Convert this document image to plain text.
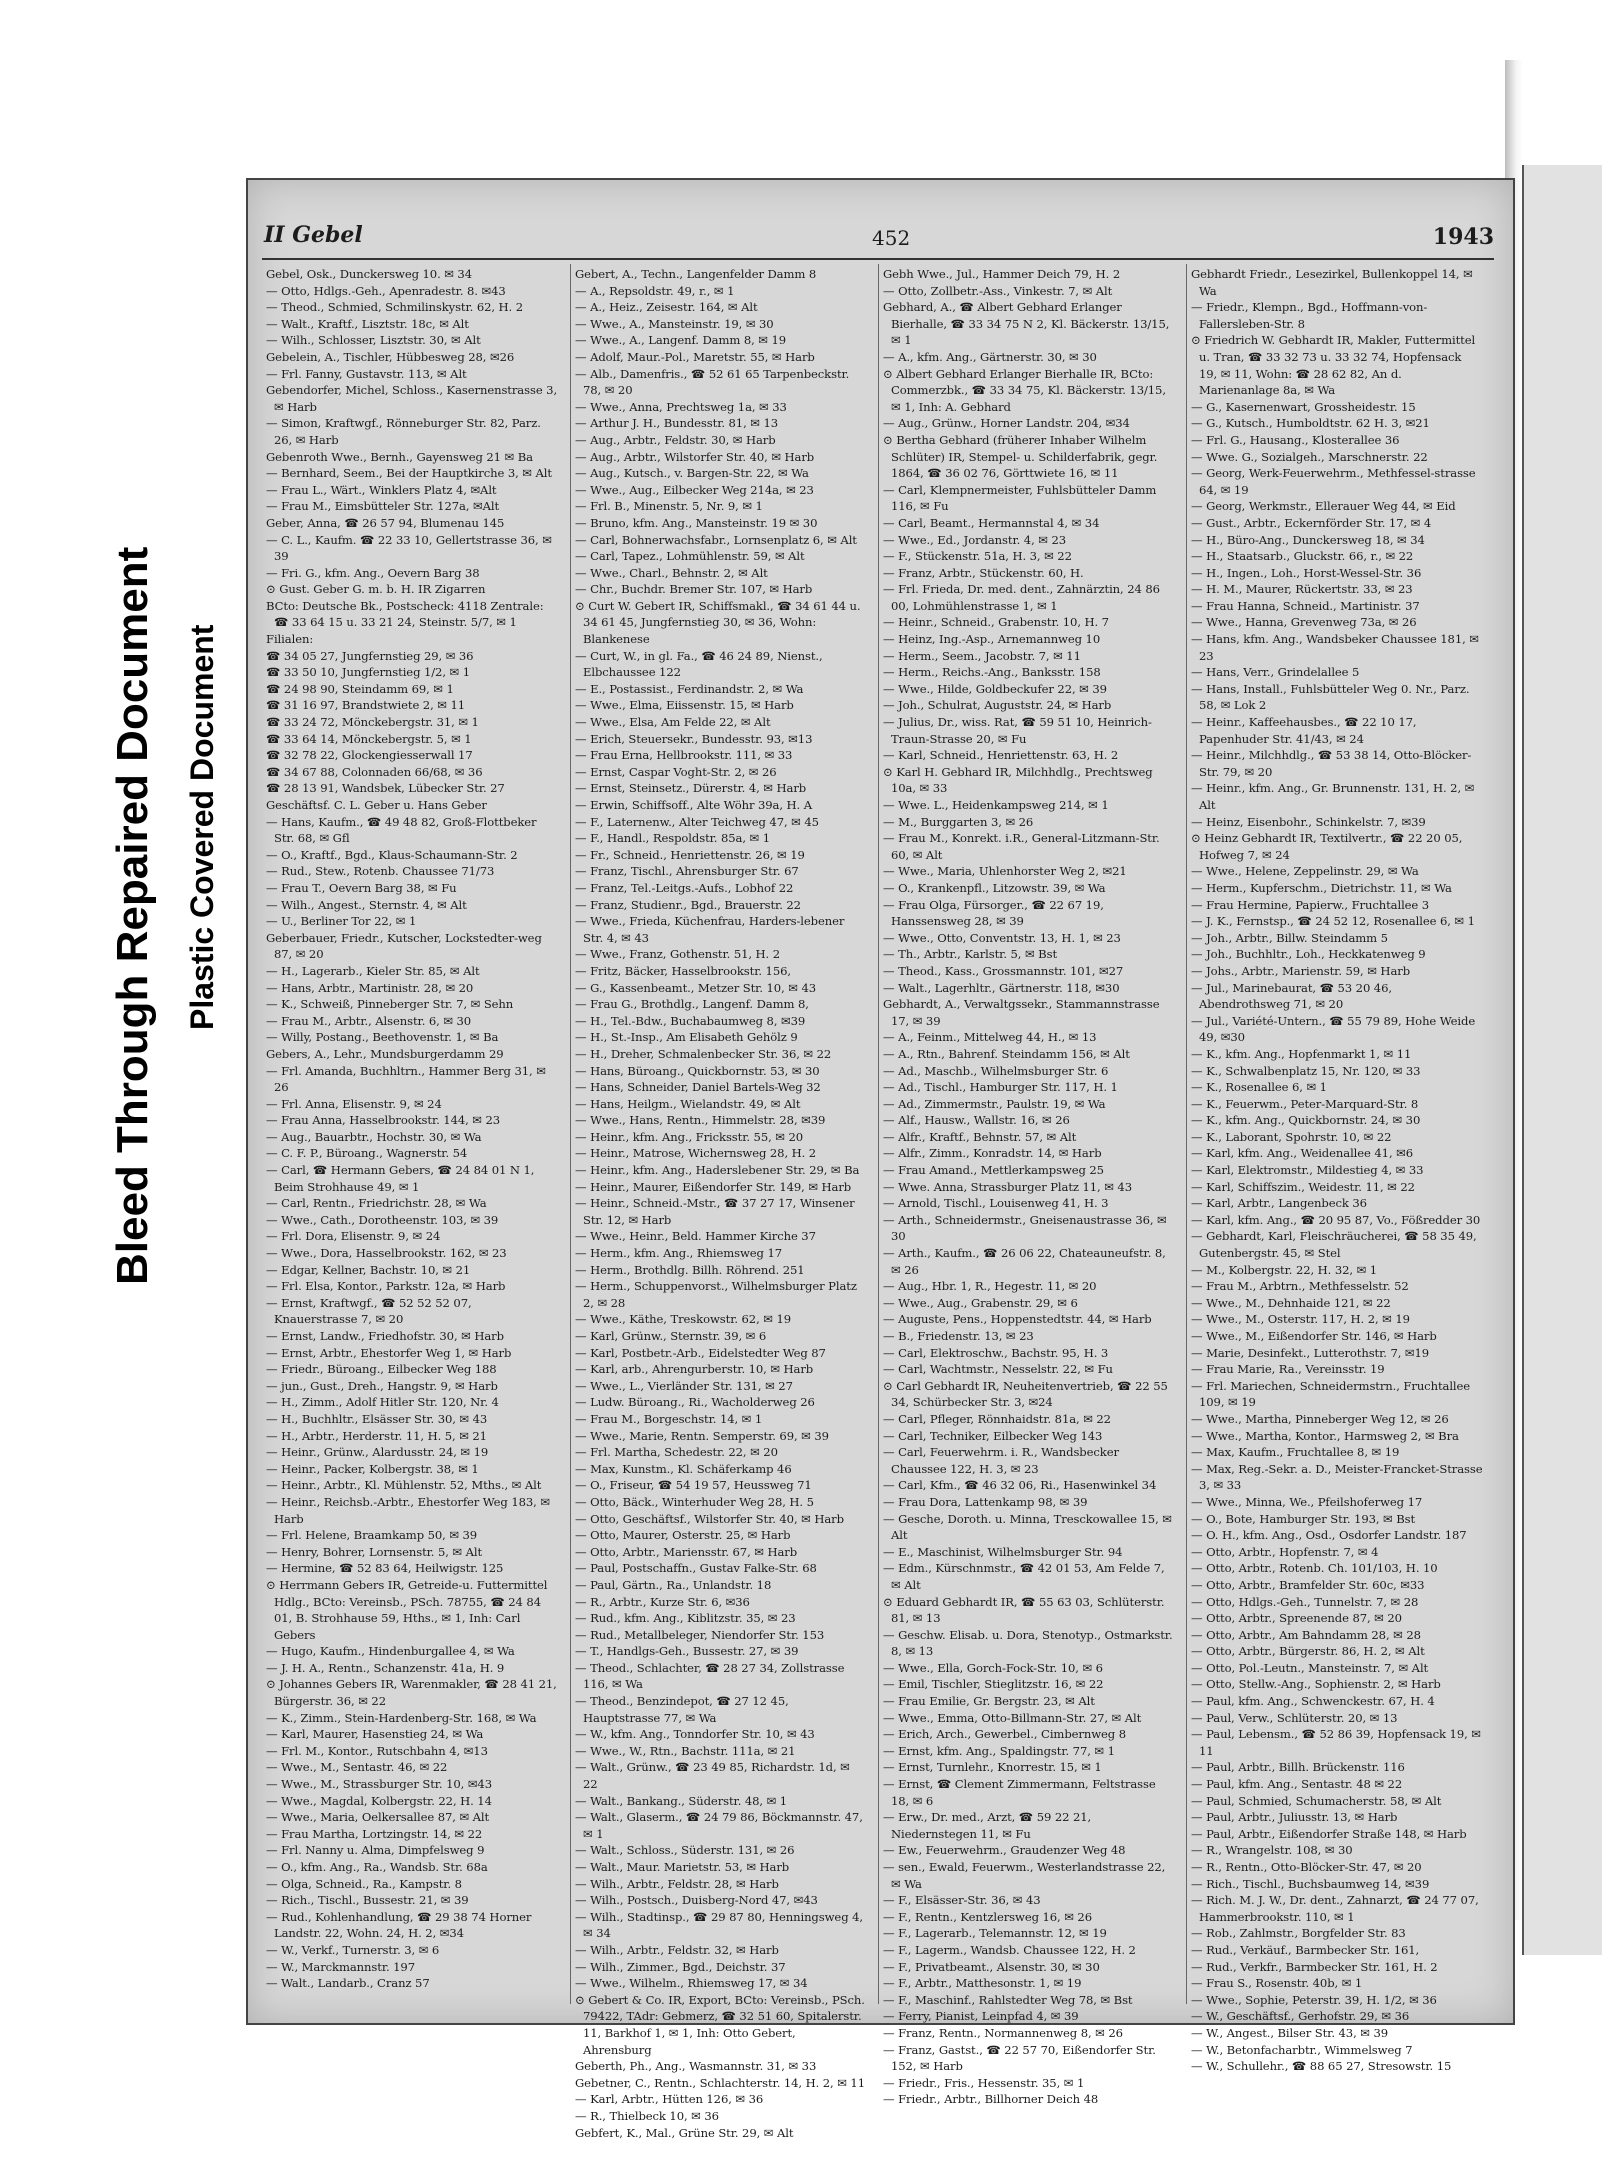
Bleed Through Repaired Document Plastic Covered Document
II Gebel	452	1943
Gebel, Osk., Dunckersweg 10. ✉ 34
— Otto, Hdlgs.-Geh., Apenradestr. 8. ✉43
— Theod., Schmied, Schmilinskystr. 62, H. 2
— Walt., Kraftf., Lisztstr. 18c, ✉ Alt
— Wilh., Schlosser, Lisztstr. 30, ✉ Alt
Gebelein, A., Tischler, Hübbesweg 28, ✉26
— Frl. Fanny, Gustavstr. 113, ✉ Alt
Gebendorfer, Michel, Schloss., Kasernenstrasse 3, ✉ Harb
— Simon, Kraftwgf., Rönneburger Str. 82, Parz. 26, ✉ Harb
Gebenroth Wwe., Bernh., Gayensweg 21 ✉ Ba
— Bernhard, Seem., Bei der Hauptkirche 3, ✉ Alt
— Frau L., Wärt., Winklers Platz 4, ✉Alt
— Frau M., Eimsbütteler Str. 127a, ✉Alt
Geber, Anna, ☎ 26 57 94, Blumenau 145
— C. L., Kaufm. ☎ 22 33 10, Gellertstrasse 36, ✉ 39
— Fri. G., kfm. Ang., Oevern Barg 38
⊙ Gust. Geber G. m. b. H. IR Zigarren
BCto: Deutsche Bk., Postscheck: 4118 Zentrale: ☎ 33 64 15 u. 33 21 24, Steinstr. 5/7, ✉ 1
Filialen:
☎ 34 05 27, Jungfernstieg 29, ✉ 36
☎ 33 50 10, Jungfernstieg 1/2, ✉ 1
☎ 24 98 90, Steindamm 69, ✉ 1
☎ 31 16 97, Brandstwiete 2, ✉ 11
☎ 33 24 72, Mönckebergstr. 31, ✉ 1
☎ 33 64 14, Mönckebergstr. 5, ✉ 1
☎ 32 78 22, Glockengiesserwall 17
☎ 34 67 88, Colonnaden 66/68, ✉ 36
☎ 28 13 91, Wandsbek, Lübecker Str. 27
Geschäftsf. C. L. Geber u. Hans Geber
— Hans, Kaufm., ☎ 49 48 82, Groß-Flottbeker Str. 68, ✉ Gfl
— O., Kraftf., Bgd., Klaus-Schaumann-Str. 2
— Rud., Stew., Rotenb. Chaussee 71/73
— Frau T., Oevern Barg 38, ✉ Fu
— Wilh., Angest., Sternstr. 4, ✉ Alt
— U., Berliner Tor 22, ✉ 1
Geberbauer, Friedr., Kutscher, Lockstedter-weg 87, ✉ 20
— H., Lagerarb., Kieler Str. 85, ✉ Alt
— Hans, Arbtr., Martinistr. 28, ✉ 20
— K., Schweiß, Pinneberger Str. 7, ✉ Sehn
— Frau M., Arbtr., Alsenstr. 6, ✉ 30
— Willy, Postang., Beethovenstr. 1, ✉ Ba
Gebers, A., Lehr., Mundsburgerdamm 29
— Frl. Amanda, Buchhltrn., Hammer Berg 31, ✉ 26
— Frl. Anna, Elisenstr. 9, ✉ 24
— Frau Anna, Hasselbrookstr. 144, ✉ 23
— Aug., Bauarbtr., Hochstr. 30, ✉ Wa
— C. F. P., Büroang., Wagnerstr. 54
— Carl, ☎ Hermann Gebers, ☎ 24 84 01 N 1, Beim Strohhause 49, ✉ 1
— Carl, Rentn., Friedrichstr. 28, ✉ Wa
— Wwe., Cath., Dorotheenstr. 103, ✉ 39
— Frl. Dora, Elisenstr. 9, ✉ 24
— Wwe., Dora, Hasselbrookstr. 162, ✉ 23
— Edgar, Kellner, Bachstr. 10, ✉ 21
— Frl. Elsa, Kontor., Parkstr. 12a, ✉ Harb
— Ernst, Kraftwgf., ☎ 52 52 52 07, Knauerstrasse 7, ✉ 20
— Ernst, Landw., Friedhofstr. 30, ✉ Harb
— Ernst, Arbtr., Ehestorfer Weg 1, ✉ Harb
— Friedr., Büroang., Eilbecker Weg 188
— jun., Gust., Dreh., Hangstr. 9, ✉ Harb
— H., Zimm., Adolf Hitler Str. 120, Nr. 4
— H., Buchhltr., Elsässer Str. 30, ✉ 43
— H., Arbtr., Herderstr. 11, H. 5, ✉ 21
— Heinr., Grünw., Alardusstr. 24, ✉ 19
— Heinr., Packer, Kolbergstr. 38, ✉ 1
— Heinr., Arbtr., Kl. Mühlenstr. 52, Mths., ✉ Alt
— Heinr., Reichsb.-Arbtr., Ehestorfer Weg 183, ✉ Harb
— Frl. Helene, Braamkamp 50, ✉ 39
— Henry, Bohrer, Lornsenstr. 5, ✉ Alt
— Hermine, ☎ 52 83 64, Heilwigstr. 125
⊙ Herrmann Gebers IR, Getreide-u. Futtermittel Hdlg., BCto: Vereinsb., PSch. 78755, ☎ 24 84 01, B. Strohhause 59, Hths., ✉ 1, Inh: Carl Gebers
— Hugo, Kaufm., Hindenburgallee 4, ✉ Wa
— J. H. A., Rentn., Schanzenstr. 41a, H. 9
⊙ Johannes Gebers IR, Warenmakler, ☎ 28 41 21, Bürgerstr. 36, ✉ 22
— K., Zimm., Stein-Hardenberg-Str. 168, ✉ Wa
— Karl, Maurer, Hasenstieg 24, ✉ Wa
— Frl. M., Kontor., Rutschbahn 4, ✉13
— Wwe., M., Sentastr. 46, ✉ 22
— Wwe., M., Strassburger Str. 10, ✉43
— Wwe., Magdal, Kolbergstr. 22, H. 14
— Wwe., Maria, Oelkersallee 87, ✉ Alt
— Frau Martha, Lortzingstr. 14, ✉ 22
— Frl. Nanny u. Alma, Dimpfelsweg 9
— O., kfm. Ang., Ra., Wandsb. Str. 68a
— Olga, Schneid., Ra., Kampstr. 8
— Rich., Tischl., Bussestr. 21, ✉ 39
— Rud., Kohlenhandlung, ☎ 29 38 74 Horner Landstr. 22, Wohn. 24, H. 2, ✉34
— W., Verkf., Turnerstr. 3, ✉ 6
— W., Marckmannstr. 197
— Walt., Landarb., Cranz 57
Gebert, A., Techn., Langenfelder Damm 8
— A., Repsoldstr. 49, r., ✉ 1
— A., Heiz., Zeisestr. 164, ✉ Alt
— Wwe., A., Mansteinstr. 19, ✉ 30
— Wwe., A., Langenf. Damm 8, ✉ 19
— Adolf, Maur.-Pol., Maretstr. 55, ✉ Harb
— Alb., Damenfris., ☎ 52 61 65 Tarpenbeckstr. 78, ✉ 20
— Wwe., Anna, Prechtsweg 1a, ✉ 33
— Arthur J. H., Bundesstr. 81, ✉ 13
— Aug., Arbtr., Feldstr. 30, ✉ Harb
— Aug., Arbtr., Wilstorfer Str. 40, ✉ Harb
— Aug., Kutsch., v. Bargen-Str. 22, ✉ Wa
— Wwe., Aug., Eilbecker Weg 214a, ✉ 23
— Frl. B., Minenstr. 5, Nr. 9, ✉ 1
— Bruno, kfm. Ang., Mansteinstr. 19 ✉ 30
— Carl, Bohnerwachsfabr., Lornsenplatz 6, ✉ Alt
— Carl, Tapez., Lohmühlenstr. 59, ✉ Alt
— Wwe., Charl., Behnstr. 2, ✉ Alt
— Chr., Buchdr. Bremer Str. 107, ✉ Harb
⊙ Curt W. Gebert IR, Schiffsmakl., ☎ 34 61 44 u. 34 61 45, Jungfernstieg 30, ✉ 36, Wohn: Blankenese
— Curt, W., in gl. Fa., ☎ 46 24 89, Nienst., Elbchaussee 122
— E., Postassist., Ferdinandstr. 2, ✉ Wa
— Wwe., Elma, Eiissenstr. 15, ✉ Harb
— Wwe., Elsa, Am Felde 22, ✉ Alt
— Erich, Steuersekr., Bundesstr. 93, ✉13
— Frau Erna, Hellbrookstr. 111, ✉ 33
— Ernst, Caspar Voght-Str. 2, ✉ 26
— Ernst, Steinsetz., Dürerstr. 4, ✉ Harb
— Erwin, Schiffsoff., Alte Wöhr 39a, H. A
— F., Laternenw., Alter Teichweg 47, ✉ 45
— F., Handl., Respoldstr. 85a, ✉ 1
— Fr., Schneid., Henriettenstr. 26, ✉ 19
— Franz, Tischl., Ahrensburger Str. 67
— Franz, Tel.-Leitgs.-Aufs., Lobhof 22
— Franz, Studienr., Bgd., Brauerstr. 22
— Wwe., Frieda, Küchenfrau, Harders-lebener Str. 4, ✉ 43
— Wwe., Franz, Gothenstr. 51, H. 2
— Fritz, Bäcker, Hasselbrookstr. 156,
— G., Kassenbeamt., Metzer Str. 10, ✉ 43
— Frau G., Brothdlg., Langenf. Damm 8,
— H., Tel.-Bdw., Buchabaumweg 8, ✉39
— H., St.-Insp., Am Elisabeth Gehölz 9
— H., Dreher, Schmalenbecker Str. 36, ✉ 22
— Hans, Büroang., Quickbornstr. 53, ✉ 30
— Hans, Schneider, Daniel Bartels-Weg 32
— Hans, Heilgm., Wielandstr. 49, ✉ Alt
— Wwe., Hans, Rentn., Himmelstr. 28, ✉39
— Heinr., kfm. Ang., Fricksstr. 55, ✉ 20
— Heinr., Matrose, Wichernsweg 28, H. 2
— Heinr., kfm. Ang., Haderslebener Str. 29, ✉ Ba
— Heinr., Maurer, Eißendorfer Str. 149, ✉ Harb
— Heinr., Schneid.-Mstr., ☎ 37 27 17, Winsener Str. 12, ✉ Harb
— Wwe., Heinr., Beld. Hammer Kirche 37
— Herm., kfm. Ang., Rhiemsweg 17
— Herm., Brothdlg. Billh. Röhrend. 251
— Herm., Schuppenvorst., Wilhelmsburger Platz 2, ✉ 28
— Wwe., Käthe, Treskowstr. 62, ✉ 19
— Karl, Grünw., Sternstr. 39, ✉ 6
— Karl, Postbetr.-Arb., Eidelstedter Weg 87
— Karl, arb., Ahrengurberstr. 10, ✉ Harb
— Wwe., L., Vierländer Str. 131, ✉ 27
— Ludw. Büroang., Ri., Wacholderweg 26
— Frau M., Borgeschstr. 14, ✉ 1
— Wwe., Marie, Rentn. Semperstr. 69, ✉ 39
— Frl. Martha, Schedestr. 22, ✉ 20
— Max, Kunstm., Kl. Schäferkamp 46
— O., Friseur, ☎ 54 19 57, Heussweg 71
— Otto, Bäck., Winterhuder Weg 28, H. 5
— Otto, Geschäftsf., Wilstorfer Str. 40, ✉ Harb
— Otto, Maurer, Osterstr. 25, ✉ Harb
— Otto, Arbtr., Mariensstr. 67, ✉ Harb
— Paul, Postschaffn., Gustav Falke-Str. 68
— Paul, Gärtn., Ra., Unlandstr. 18
— R., Arbtr., Kurze Str. 6, ✉36
— Rud., kfm. Ang., Kiblitzstr. 35, ✉ 23
— Rud., Metallbeleger, Niendorfer Str. 153
— T., Handlgs-Geh., Bussestr. 27, ✉ 39
— Theod., Schlachter, ☎ 28 27 34, Zollstrasse 116, ✉ Wa
— Theod., Benzindepot, ☎ 27 12 45, Hauptstrasse 77, ✉ Wa
— W., kfm. Ang., Tonndorfer Str. 10, ✉ 43
— Wwe., W., Rtn., Bachstr. 111a, ✉ 21
— Walt., Grünw., ☎ 23 49 85, Richardstr. 1d, ✉ 22
— Walt., Bankang., Süderstr. 48, ✉ 1
— Walt., Glaserm., ☎ 24 79 86, Böckmannstr. 47, ✉ 1
— Walt., Schloss., Süderstr. 131, ✉ 26
— Walt., Maur. Marietstr. 53, ✉ Harb
— Wilh., Arbtr., Feldstr. 28, ✉ Harb
— Wilh., Postsch., Duisberg-Nord 47, ✉43
— Wilh., Stadtinsp., ☎ 29 87 80, Henningsweg 4, ✉ 34
— Wilh., Arbtr., Feldstr. 32, ✉ Harb
— Wilh., Zimmer., Bgd., Deichstr. 37
— Wwe., Wilhelm., Rhiemsweg 17, ✉ 34
⊙ Gebert & Co. IR, Export, BCto: Vereinsb., PSch. 79422, TAdr: Gebmerz, ☎ 32 51 60, Spitalerstr. 11, Barkhof 1, ✉ 1, Inh: Otto Gebert, Ahrensburg
Geberth, Ph., Ang., Wasmannstr. 31, ✉ 33
Gebetner, C., Rentn., Schlachterstr. 14, H. 2, ✉ 11
— Karl, Arbtr., Hütten 126, ✉ 36
— R., Thielbeck 10, ✉ 36
Gebfert, K., Mal., Grüne Str. 29, ✉ Alt
Gebh Wwe., Jul., Hammer Deich 79, H. 2
— Otto, Zollbetr.-Ass., Vinkestr. 7, ✉ Alt
Gebhard, A., ☎ Albert Gebhard Erlanger Bierhalle, ☎ 33 34 75 N 2, Kl. Bäckerstr. 13/15, ✉ 1
— A., kfm. Ang., Gärtnerstr. 30, ✉ 30
⊙ Albert Gebhard Erlanger Bierhalle IR, BCto: Commerzbk., ☎ 33 34 75, Kl. Bäckerstr. 13/15, ✉ 1, Inh: A. Gebhard
— Aug., Grünw., Horner Landstr. 204, ✉34
⊙ Bertha Gebhard (früherer Inhaber Wilhelm Schlüter) IR, Stempel- u. Schilderfabrik, gegr. 1864, ☎ 36 02 76, Görttwiete 16, ✉ 11
— Carl, Klempnermeister, Fuhlsbütteler Damm 116, ✉ Fu
— Carl, Beamt., Hermannstal 4, ✉ 34
— Wwe., Ed., Jordanstr. 4, ✉ 23
— F., Stückenstr. 51a, H. 3, ✉ 22
— Franz, Arbtr., Stückenstr. 60, H.
— Frl. Frieda, Dr. med. dent., Zahnärztin, 24 86 00, Lohmühlenstrasse 1, ✉ 1
— Heinr., Schneid., Grabenstr. 10, H. 7
— Heinz, Ing.-Asp., Arnemannweg 10
— Herm., Seem., Jacobstr. 7, ✉ 11
— Herm., Reichs.-Ang., Banksstr. 158
— Wwe., Hilde, Goldbeckufer 22, ✉ 39
— Joh., Schulrat, Auguststr. 24, ✉ Harb
— Julius, Dr., wiss. Rat, ☎ 59 51 10, Heinrich-Traun-Strasse 20, ✉ Fu
— Karl, Schneid., Henriettenstr. 63, H. 2
⊙ Karl H. Gebhard IR, Milchhdlg., Prechtsweg 10a, ✉ 33
— Wwe. L., Heidenkampsweg 214, ✉ 1
— M., Burggarten 3, ✉ 26
— Frau M., Konrekt. i.R., General-Litzmann-Str. 60, ✉ Alt
— Wwe., Maria, Uhlenhorster Weg 2, ✉21
— O., Krankenpfl., Litzowstr. 39, ✉ Wa
— Frau Olga, Fürsorger., ☎ 22 67 19, Hanssensweg 28, ✉ 39
— Wwe., Otto, Conventstr. 13, H. 1, ✉ 23
— Th., Arbtr., Karlstr. 5, ✉ Bst
— Theod., Kass., Grossmannstr. 101, ✉27
— Walt., Lagerhltr., Gärtnerstr. 118, ✉30
Gebhardt, A., Verwaltgssekr., Stammannstrasse 17, ✉ 39
— A., Feinm., Mittelweg 44, H., ✉ 13
— A., Rtn., Bahrenf. Steindamm 156, ✉ Alt
— Ad., Maschb., Wilhelmsburger Str. 6
— Ad., Tischl., Hamburger Str. 117, H. 1
— Ad., Zimmermstr., Paulstr. 19, ✉ Wa
— Alf., Hausw., Wallstr. 16, ✉ 26
— Alfr., Kraftf., Behnstr. 57, ✉ Alt
— Alfr., Zimm., Konradstr. 14, ✉ Harb
— Frau Amand., Mettlerkampsweg 25
— Wwe. Anna, Strassburger Platz 11, ✉ 43
— Arnold, Tischl., Louisenweg 41, H. 3
— Arth., Schneidermstr., Gneisenaustrasse 36, ✉ 30
— Arth., Kaufm., ☎ 26 06 22, Chateauneufstr. 8, ✉ 26
— Aug., Hbr. 1, R., Hegestr. 11, ✉ 20
— Wwe., Aug., Grabenstr. 29, ✉ 6
— Auguste, Pens., Hoppenstedtstr. 44, ✉ Harb
— B., Friedenstr. 13, ✉ 23
— Carl, Elektroschw., Bachstr. 95, H. 3
— Carl, Wachtmstr., Nesselstr. 22, ✉ Fu
⊙ Carl Gebhardt IR, Neuheitenvertrieb, ☎ 22 55 34, Schürbecker Str. 3, ✉24
— Carl, Pfleger, Rönnhaidstr. 81a, ✉ 22
— Carl, Techniker, Eilbecker Weg 143
— Carl, Feuerwehrm. i. R., Wandsbecker Chaussee 122, H. 3, ✉ 23
— Carl, Kfm., ☎ 46 32 06, Ri., Hasenwinkel 34
— Frau Dora, Lattenkamp 98, ✉ 39
— Gesche, Doroth. u. Minna, Tresckowallee 15, ✉ Alt
— E., Maschinist, Wilhelmsburger Str. 94
— Edm., Kürschnmstr., ☎ 42 01 53, Am Felde 7, ✉ Alt
⊙ Eduard Gebhardt IR, ☎ 55 63 03, Schlüterstr. 81, ✉ 13
— Geschw. Elisab. u. Dora, Stenotyp., Ostmarkstr. 8, ✉ 13
— Wwe., Ella, Gorch-Fock-Str. 10, ✉ 6
— Emil, Tischler, Stieglitzstr. 16, ✉ 22
— Frau Emilie, Gr. Bergstr. 23, ✉ Alt
— Wwe., Emma, Otto-Billmann-Str. 27, ✉ Alt
— Erich, Arch., Gewerbel., Cimbernweg 8
— Ernst, kfm. Ang., Spaldingstr. 77, ✉ 1
— Ernst, Turnlehr., Knorrestr. 15, ✉ 1
— Ernst, ☎ Clement Zimmermann, Feltstrasse 18, ✉ 6
— Erw., Dr. med., Arzt, ☎ 59 22 21, Niedernstegen 11, ✉ Fu
— Ew., Feuerwehrm., Graudenzer Weg 48
— sen., Ewald, Feuerwm., Westerlandstrasse 22, ✉ Wa
— F., Elsässer-Str. 36, ✉ 43
— F., Rentn., Kentzlersweg 16, ✉ 26
— F., Lagerarb., Telemannstr. 12, ✉ 19
— F., Lagerm., Wandsb. Chaussee 122, H. 2
— F., Privatbeamt., Alsenstr. 30, ✉ 30
— F., Arbtr., Matthesonstr. 1, ✉ 19
— F., Maschinf., Rahlstedter Weg 78, ✉ Bst
— Ferry, Pianist, Leinpfad 4, ✉ 39
— Franz, Rentn., Normannenweg 8, ✉ 26
— Franz, Gastst., ☎ 22 57 70, Eißendorfer Str. 152, ✉ Harb
— Friedr., Fris., Hessenstr. 35, ✉ 1
— Friedr., Arbtr., Billhorner Deich 48
Gebhardt Friedr., Lesezirkel, Bullenkoppel 14, ✉ Wa
— Friedr., Klempn., Bgd., Hoffmann-von-Fallersleben-Str. 8
⊙ Friedrich W. Gebhardt IR, Makler, Futtermittel u. Tran, ☎ 33 32 73 u. 33 32 74, Hopfensack 19, ✉ 11, Wohn: ☎ 28 62 82, An d. Marienanlage 8a, ✉ Wa
— G., Kasernenwart, Grossheidestr. 15
— G., Kutsch., Humboldtstr. 62 H. 3, ✉21
— Frl. G., Hausang., Klosterallee 36
— Wwe. G., Sozialgeh., Marschnerstr. 22
— Georg, Werk-Feuerwehrm., Methfessel-strasse 64, ✉ 19
— Georg, Werkmstr., Ellerauer Weg 44, ✉ Eid
— Gust., Arbtr., Eckernförder Str. 17, ✉ 4
— H., Büro-Ang., Dunckersweg 18, ✉ 34
— H., Staatsarb., Gluckstr. 66, r., ✉ 22
— H., Ingen., Loh., Horst-Wessel-Str. 36
— H. M., Maurer, Rückertstr. 33, ✉ 23
— Frau Hanna, Schneid., Martinistr. 37
— Wwe., Hanna, Grevenweg 73a, ✉ 26
— Hans, kfm. Ang., Wandsbeker Chaussee 181, ✉ 23
— Hans, Verr., Grindelallee 5
— Hans, Install., Fuhlsbütteler Weg 0. Nr., Parz. 58, ✉ Lok 2
— Heinr., Kaffeehausbes., ☎ 22 10 17, Papenhuder Str. 41/43, ✉ 24
— Heinr., Milchhdlg., ☎ 53 38 14, Otto-Blöcker-Str. 79, ✉ 20
— Heinr., kfm. Ang., Gr. Brunnenstr. 131, H. 2, ✉ Alt
— Heinz, Eisenbohr., Schinkelstr. 7, ✉39
⊙ Heinz Gebhardt IR, Textilvertr., ☎ 22 20 05, Hofweg 7, ✉ 24
— Wwe., Helene, Zeppelinstr. 29, ✉ Wa
— Herm., Kupferschm., Dietrichstr. 11, ✉ Wa
— Frau Hermine, Papierw., Fruchtallee 3
— J. K., Fernstsp., ☎ 24 52 12, Rosenallee 6, ✉ 1
— Joh., Arbtr., Billw. Steindamm 5
— Joh., Buchhltr., Loh., Heckkatenweg 9
— Johs., Arbtr., Marienstr. 59, ✉ Harb
— Jul., Marinebaurat, ☎ 53 20 46, Abendrothsweg 71, ✉ 20
— Jul., Variété-Untern., ☎ 55 79 89, Hohe Weide 49, ✉30
— K., kfm. Ang., Hopfenmarkt 1, ✉ 11
— K., Schwalbenplatz 15, Nr. 120, ✉ 33
— K., Rosenallee 6, ✉ 1
— K., Feuerwm., Peter-Marquard-Str. 8
— K., kfm. Ang., Quickbornstr. 24, ✉ 30
— K., Laborant, Spohrstr. 10, ✉ 22
— Karl, kfm. Ang., Weidenallee 41, ✉6
— Karl, Elektromstr., Mildestieg 4, ✉ 33
— Karl, Schiffszim., Weidestr. 11, ✉ 22
— Karl, Arbtr., Langenbeck 36
— Karl, kfm. Ang., ☎ 20 95 87, Vo., Fößredder 30
— Gebhardt, Karl, Fleischräucherei, ☎ 58 35 49, Gutenbergstr. 45, ✉ Stel
— M., Kolbergstr. 22, H. 32, ✉ 1
— Frau M., Arbtrn., Methfesselstr. 52
— Wwe., M., Dehnhaide 121, ✉ 22
— Wwe., M., Osterstr. 117, H. 2, ✉ 19
— Wwe., M., Eißendorfer Str. 146, ✉ Harb
— Marie, Desinfekt., Lutterothstr. 7, ✉19
— Frau Marie, Ra., Vereinsstr. 19
— Frl. Mariechen, Schneidermstrn., Fruchtallee 109, ✉ 19
— Wwe., Martha, Pinneberger Weg 12, ✉ 26
— Wwe., Martha, Kontor., Harmsweg 2, ✉ Bra
— Max, Kaufm., Fruchtallee 8, ✉ 19
— Max, Reg.-Sekr. a. D., Meister-Francket-Strasse 3, ✉ 33
— Wwe., Minna, We., Pfeilshoferweg 17
— O., Bote, Hamburger Str. 193, ✉ Bst
— O. H., kfm. Ang., Osd., Osdorfer Landstr. 187
— Otto, Arbtr., Hopfenstr. 7, ✉ 4
— Otto, Arbtr., Rotenb. Ch. 101/103, H. 10
— Otto, Arbtr., Bramfelder Str. 60c, ✉33
— Otto, Hdlgs.-Geh., Tunnelstr. 7, ✉ 28
— Otto, Arbtr., Spreenende 87, ✉ 20
— Otto, Arbtr., Am Bahndamm 28, ✉ 28
— Otto, Arbtr., Bürgerstr. 86, H. 2, ✉ Alt
— Otto, Pol.-Leutn., Mansteinstr. 7, ✉ Alt
— Otto, Stellw.-Ang., Sophienstr. 2, ✉ Harb
— Paul, kfm. Ang., Schwenckestr. 67, H. 4
— Paul, Verw., Schlüterstr. 20, ✉ 13
— Paul, Lebensm., ☎ 52 86 39, Hopfensack 19, ✉ 11
— Paul, Arbtr., Billh. Brückenstr. 116
— Paul, kfm. Ang., Sentastr. 48 ✉ 22
— Paul, Schmied, Schumacherstr. 58, ✉ Alt
— Paul, Arbtr., Juliusstr. 13, ✉ Harb
— Paul, Arbtr., Eißendorfer Straße 148, ✉ Harb
— R., Wrangelstr. 108, ✉ 30
— R., Rentn., Otto-Blöcker-Str. 47, ✉ 20
— Rich., Tischl., Buchsbaumweg 14, ✉39
— Rich. M. J. W., Dr. dent., Zahnarzt, ☎ 24 77 07, Hammerbrookstr. 110, ✉ 1
— Rob., Zahlmstr., Borgfelder Str. 83
— Rud., Verkäuf., Barmbecker Str. 161,
— Rud., Verkfr., Barmbecker Str. 161, H. 2
— Frau S., Rosenstr. 40b, ✉ 1
— Wwe., Sophie, Peterstr. 39, H. 1/2, ✉ 36
— W., Geschäftsf., Gerhofstr. 29, ✉ 36
— W., Angest., Bilser Str. 43, ✉ 39
— W., Betonfacharbtr., Wimmelsweg 7
— W., Schullehr., ☎ 88 65 27, Stresowstr. 15
